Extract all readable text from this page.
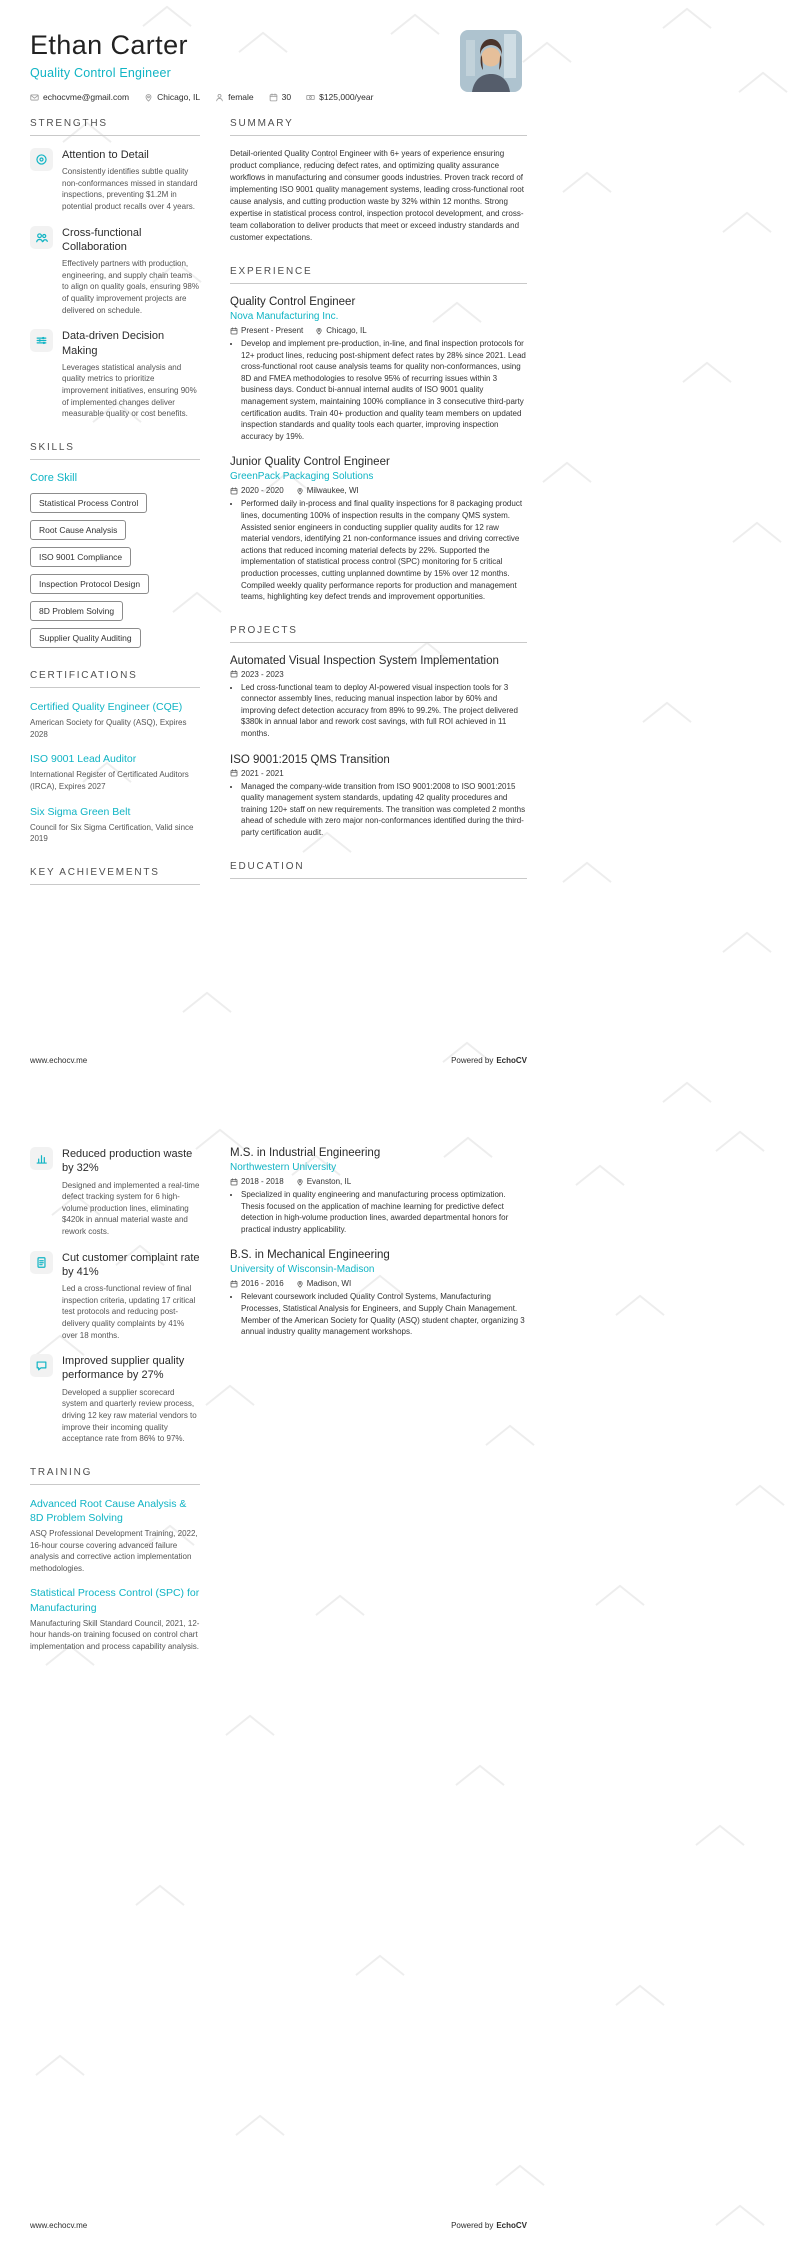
Ethan Carter
Quality Control Engineer
echocvme@gmail.com	Chicago, IL	female	30	$125,000/year
STRENGTHS
Attention to Detail
Consistently identifies subtle quality non-conformances missed in standard inspections, preventing $1.2M in potential product recalls over 4 years.
Cross-functional Collaboration
Effectively partners with production, engineering, and supply chain teams to align on quality goals, ensuring 98% of quality improvement projects are delivered on schedule.
Data-driven Decision Making
Leverages statistical analysis and quality metrics to prioritize improvement initiatives, ensuring 90% of implemented changes deliver measurable quality or cost benefits.
SKILLS
Core Skill
Statistical Process Control
Root Cause Analysis
ISO 9001 Compliance
Inspection Protocol Design
8D Problem Solving
Supplier Quality Auditing
CERTIFICATIONS
Certified Quality Engineer (CQE)
American Society for Quality (ASQ), Expires 2028
ISO 9001 Lead Auditor
International Register of Certificated Auditors (IRCA), Expires 2027
Six Sigma Green Belt
Council for Six Sigma Certification, Valid since 2019
KEY ACHIEVEMENTS
SUMMARY

Detail-oriented Quality Control Engineer with 6+ years of experience ensuring product compliance, reducing defect rates, and optimizing quality assurance workflows in manufacturing and consumer goods industries. Proven track record of implementing ISO 9001 quality management systems, leading cross-functional root cause analysis, and cutting production waste by 32% within 12 months. Strong expertise in statistical process control, inspection protocol development, and cross-team collaboration to deliver products that meet or exceed industry standards and customer expectations.

EXPERIENCE
Quality Control Engineer
Nova Manufacturing Inc.
Present - Present	Chicago, IL
• Develop and implement pre-production, in-line, and final inspection protocols for 12+ product lines, reducing post-shipment defect rates by 28% since 2021. Lead cross-functional root cause analysis teams for quality non-conformances, using 8D and FMEA methodologies to resolve 95% of recurring issues within 3 business days. Conduct bi-annual internal audits of ISO 9001 quality management system, maintaining 100% compliance in 3 consecutive third-party certification audits. Train 40+ production and quality team members on updated inspection standards and quality tools each quarter, improving inspection accuracy by 19%.
Junior Quality Control Engineer
GreenPack Packaging Solutions
2020 - 2020	Milwaukee, WI
• Performed daily in-process and final quality inspections for 8 packaging product lines, documenting 100% of inspection results in the company QMS system. Assisted senior engineers in conducting supplier quality audits for 12 raw material vendors, identifying 21 non-conformance issues and driving corrective actions that reduced incoming material defects by 22%. Supported the implementation of statistical process control (SPC) monitoring for 5 critical production processes, cutting unplanned downtime by 15% over 12 months. Compiled weekly quality performance reports for production and management teams, highlighting key defect trends and improvement opportunities.
PROJECTS
Automated Visual Inspection System Implementation
2023 - 2023
• Led cross-functional team to deploy AI-powered visual inspection tools for 3 connector assembly lines, reducing manual inspection labor by 60% and improving defect detection accuracy from 89% to 99.2%. The project delivered $380k in annual labor and rework cost savings, with full ROI achieved in 11 months.
ISO 9001:2015 QMS Transition
2021 - 2021
• Managed the company-wide transition from ISO 9001:2008 to ISO 9001:2015 quality management system standards, updating 42 quality procedures and training 120+ staff on new requirements. The transition was completed 2 months ahead of schedule with zero major non-conformances identified during the third-party certification audit.
EDUCATION
www.echocv.me	Powered by EchoCV
Reduced production waste by 32%
Designed and implemented a real-time defect tracking system for 6 high-volume production lines, eliminating $420k in annual material waste and rework costs.
Cut customer complaint rate by 41%
Led a cross-functional review of final inspection criteria, updating 17 critical test protocols and reducing post-delivery quality complaints by 41% over 18 months.
Improved supplier quality performance by 27%
Developed a supplier scorecard system and quarterly review process, driving 12 key raw material vendors to improve their incoming quality acceptance rate from 86% to 97%.
TRAINING
Advanced Root Cause Analysis & 8D Problem Solving
ASQ Professional Development Training, 2022, 16-hour course covering advanced failure analysis and corrective action implementation methodologies.
Statistical Process Control (SPC) for Manufacturing
Manufacturing Skill Standard Council, 2021, 12-hour hands-on training focused on control chart implementation and process capability analysis.
M.S. in Industrial Engineering
Northwestern University
2018 - 2018	Evanston, IL
• Specialized in quality engineering and manufacturing process optimization. Thesis focused on the application of machine learning for predictive defect detection in high-volume production lines, awarded departmental honors for practical industry applicability.
B.S. in Mechanical Engineering
University of Wisconsin-Madison
2016 - 2016	Madison, WI
• Relevant coursework included Quality Control Systems, Manufacturing Processes, Statistical Analysis for Engineers, and Supply Chain Management. Member of the American Society for Quality (ASQ) student chapter, organizing 3 annual industry quality management workshops.
www.echocv.me	Powered by EchoCV
